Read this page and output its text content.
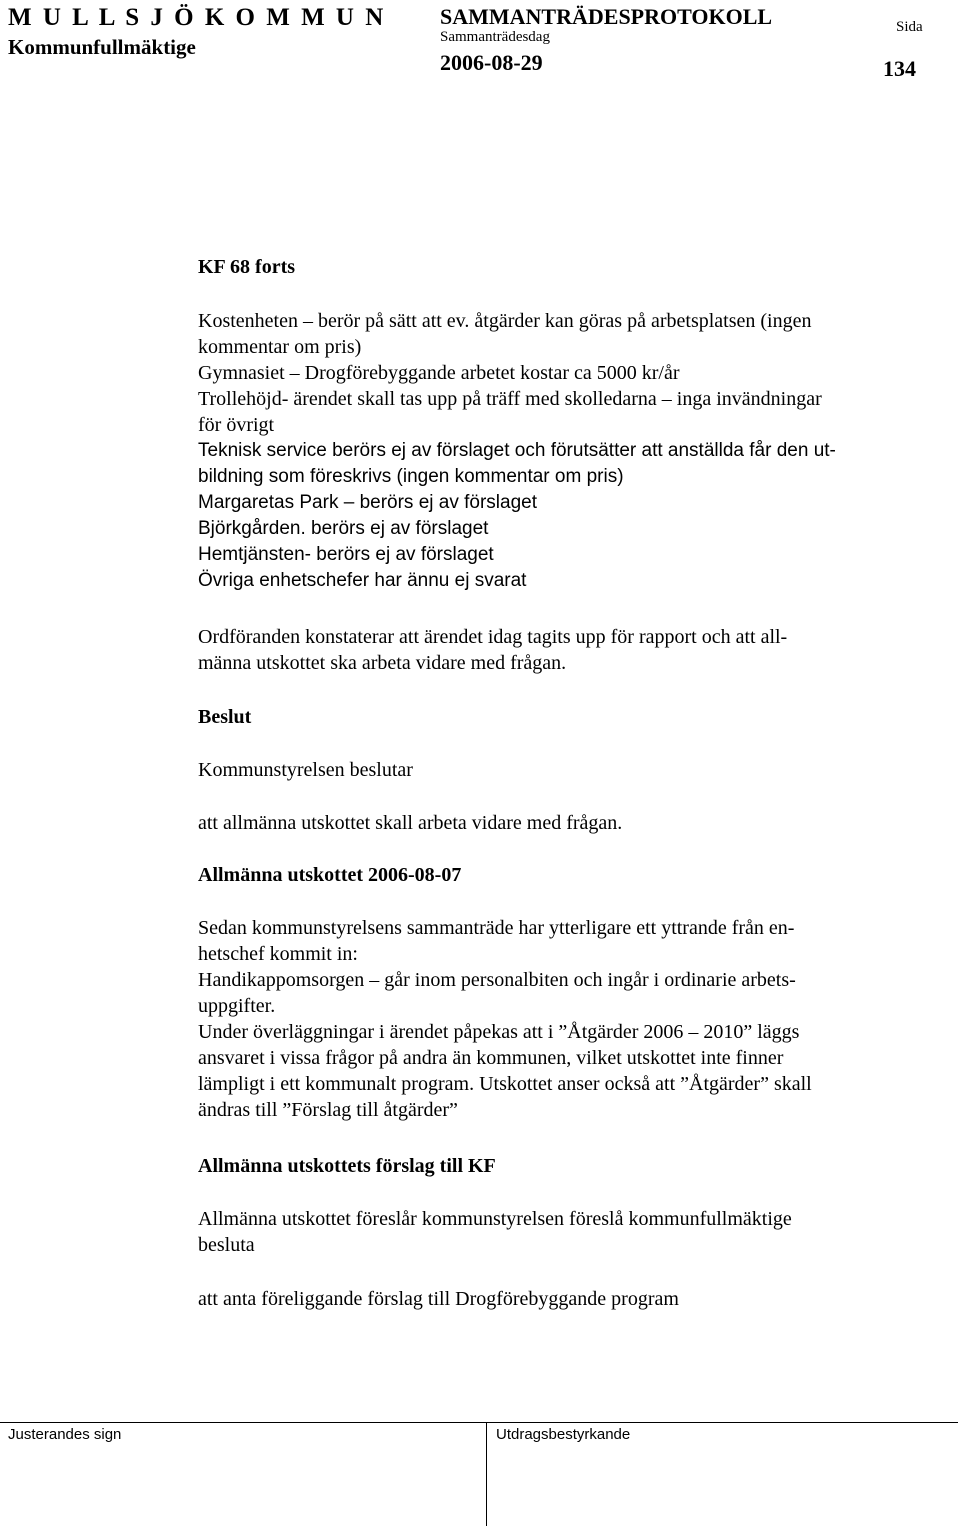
M U L L S J Ö K O M M U N
Kommunfullmäktige
SAMMANTRÄDESPROTOKOLL
Sammanträdesdag
2006-08-29
Sida
134

KF 68 forts

Kostenheten – berör på sätt att ev. åtgärder kan göras på arbetsplatsen (ingen

kommentar om pris)

Gymnasiet – Drogförebyggande arbetet kostar ca 5000 kr/år

Trollehöjd- ärendet skall tas upp på träff med skolledarna – inga invändningar

för övrigt

Teknisk service berörs ej av förslaget och förutsätter att anställda får den ut-

bildning som föreskrivs (ingen kommentar om pris)

Margaretas Park – berörs ej av förslaget

Björkgården. berörs ej av förslaget

Hemtjänsten- berörs ej av förslaget

Övriga enhetschefer har ännu ej svarat

Ordföranden konstaterar att ärendet idag tagits upp för rapport och att all-

männa utskottet ska arbeta vidare med frågan.

Beslut

Kommunstyrelsen beslutar

att allmänna utskottet skall arbeta vidare med frågan.

Allmänna utskottet 2006-08-07

Sedan kommunstyrelsens sammanträde har ytterligare ett yttrande från en-

hetschef kommit in:

Handikappomsorgen – går inom personalbiten och ingår i ordinarie arbets-

uppgifter.

Under överläggningar i ärendet påpekas att i ”Åtgärder 2006 – 2010” läggs

ansvaret i vissa frågor på andra än kommunen, vilket utskottet inte finner

lämpligt i ett kommunalt program. Utskottet anser också att ”Åtgärder” skall

ändras till ”Förslag till åtgärder”

Allmänna utskottets förslag till KF

Allmänna utskottet föreslår kommunstyrelsen föreslå kommunfullmäktige

besluta

att anta föreliggande förslag till Drogförebyggande program

Justerandes sign	Utdragsbestyrkande
